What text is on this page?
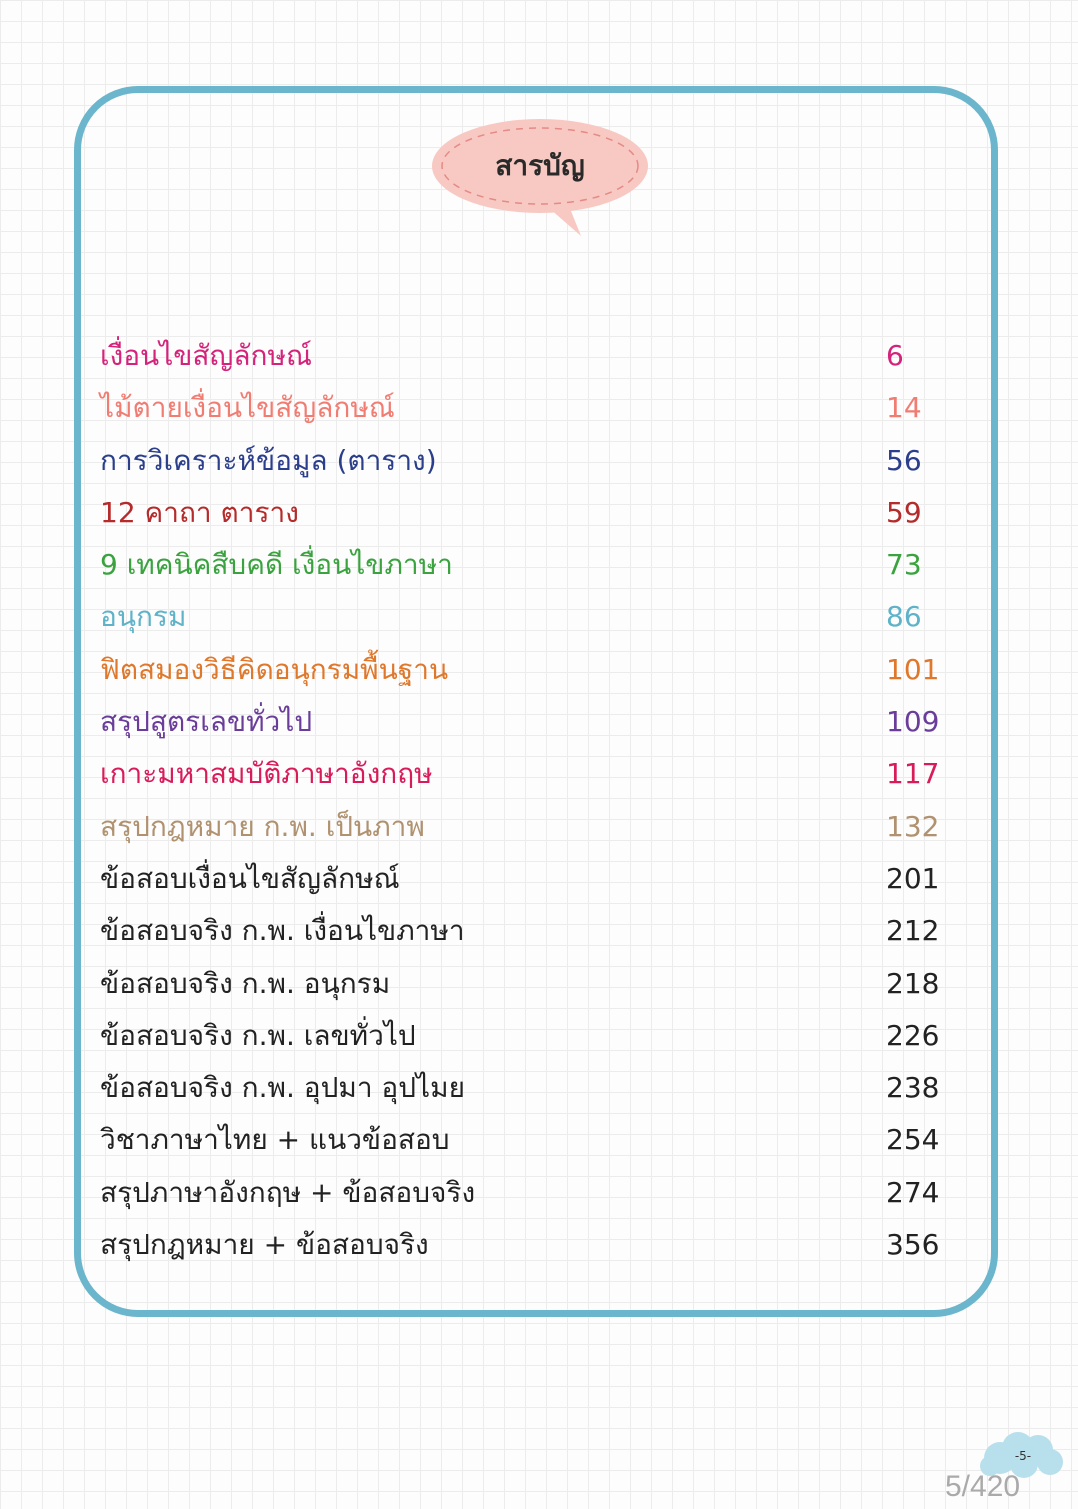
สารบัญ
เงื่อนไขสัญลักษณ์	6
ไม้ตายเงื่อนไขสัญลักษณ์	14
การวิเคราะห์ข้อมูล (ตาราง)	56
12 คาถา ตาราง	59
9 เทคนิคสืบคดี เงื่อนไขภาษา	73
อนุกรม	86
ฟิตสมองวิธีคิดอนุกรมพื้นฐาน	101
สรุปสูตรเลขทั่วไป	109
เกาะมหาสมบัติภาษาอังกฤษ	117
สรุปกฎหมาย ก.พ. เป็นภาพ	132
ข้อสอบเงื่อนไขสัญลักษณ์	201
ข้อสอบจริง ก.พ. เงื่อนไขภาษา	212
ข้อสอบจริง ก.พ. อนุกรม	218
ข้อสอบจริง ก.พ. เลขทั่วไป	226
ข้อสอบจริง ก.พ. อุปมา อุปไมย	238
วิชาภาษาไทย + แนวข้อสอบ	254
สรุปภาษาอังกฤษ + ข้อสอบจริง	274
สรุปกฎหมาย + ข้อสอบจริง	356
-5-
5/420
